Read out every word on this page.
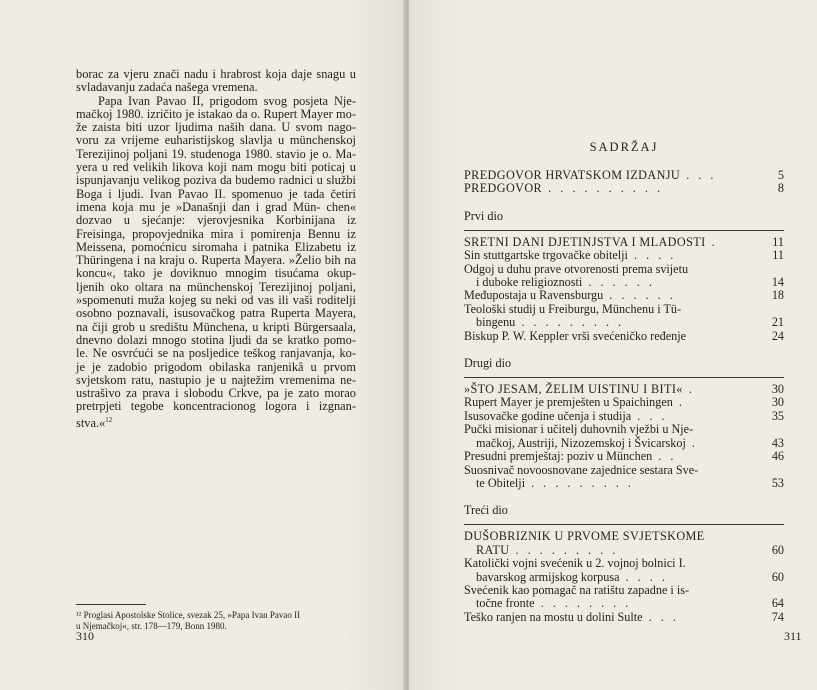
borac za vjeru znači nadu i hrabrost koja daje snagu u svladavanju zadaća našega vremena.

Papa Ivan Pavao II, prigodom svog posjeta Nje- mačkoj 1980. izričito je istakao da o. Rupert Mayer mo- že zaista biti uzor ljudima naših dana. U svom nago- voru za vrijeme euharistijskog slavlja u münchenskoj Terezijinoj poljani 19. studenoga 1980. stavio je o. Ma- yera u red velikih likova koji nam mogu biti poticaj u ispunjavanju velikog poziva da budemo radnici u službi Boga i ljudi. Ivan Pavao II. spomenuo je tada četiri imena koja mu je »Današnji dan i grad Mün- chen« dozvao u sjećanje: vjerovjesnika Korbinijana iz Freisinga, propovjednika mira i pomirenja Bennu iz Meissena, pomoćnicu siromaha i patnika Elizabetu iz Thüringena i na kraju o. Ruperta Mayera. »Želio bih na koncu«, tako je doviknuo mnogim tisućama okup- ljenih oko oltara na münchenskoj Terezijinoj poljani, »spomenuti muža kojeg su neki od vas ili vaši roditelji osobno poznavali, isusovačkog patra Ruperta Mayera, na čiji grob u središtu Münchena, u kripti Bürgersaala, dnevno dolazi mnogo stotina ljudi da se kratko pomo- le. Ne osvrćući se na posljedice teškog ranjavanja, ko- je je zadobio prigodom obilaska ranjenikâ u prvom svjetskom ratu, nastupio je u najtežim vremenima ne- ustrašivo za prava i slobodu Crkve, pa je zato morao pretrpjeti tegobe koncentracionog logora i izgnan- stva.«$^{12}$

¹² Proglasi Apostolske Stolice, svezak 25, »Papa Ivan Pavao II
u Njemačkoj«, str. 178—179, Bonn 1980.
310	311
SADRŽAJ
PREDGOVOR HRVATSKOM IZDANJU . . .	5
PREDGOVOR . . . . . . . . . .	8
Prvi dio
SRETNI DANI DJETINJSTVA I MLADOSTI .	11
Sin stuttgartske trgovačke obitelji . . . .	11
Odgoj u duhu prave otvorenosti prema svijetu

i duboke religioznosti . . . . . .	14
Međupostaja u Ravensburgu . . . . . .	18
Teološki studij u Freiburgu, Münchenu i Tü-

bingenu . . . . . . . . .	21
Biskup P. W. Keppler vrši svećeničko ređenje	24
Drugi dio
»ŠTO JESAM, ŽELIM UISTINU I BITI« .	30
Rupert Mayer je premješten u Spaichingen .	30
Isusovačke godine učenja i studija . . .	35
Pučki misionar i učitelj duhovnih vježbi u Nje-

mačkoj, Austriji, Nizozemskoj i Švicarskoj .	43
Presudni premještaj: poziv u München . .	46
Suosnivač novoosnovane zajednice sestara Sve-

te Obitelji . . . . . . . . .	53
Treći dio
DUŠOBRIZNIK U PRVOME SVJETSKOME

RATU . . . . . . . . .	60
Katolički vojni svećenik u 2. vojnoj bolnici I.

bavarskog armijskog korpusa . . . .	60
Svećenik kao pomagač na ratištu zapadne i is-

točne fronte . . . . . . . .	64
Teško ranjen na mostu u dolini Sulte . . .	74
